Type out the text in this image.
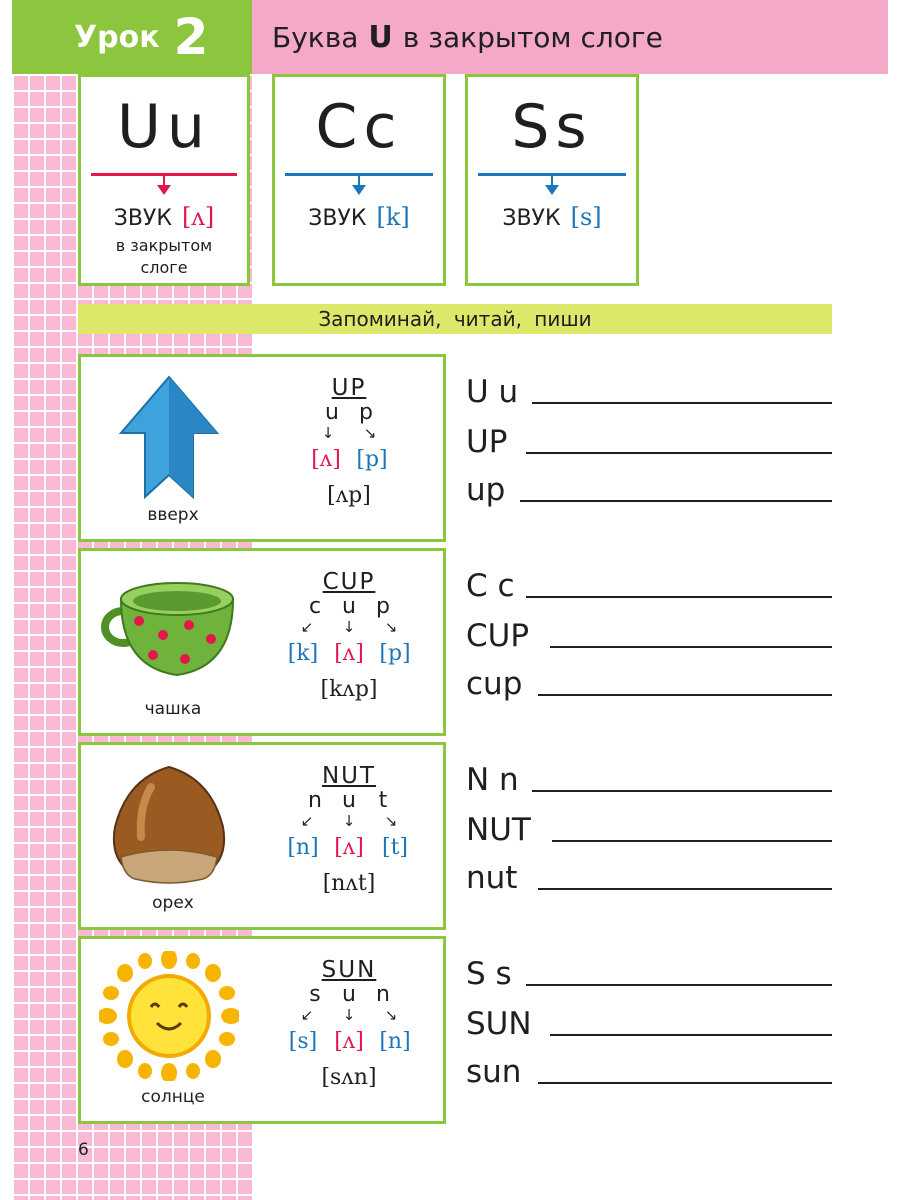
Урок 2 Буква U в закрытом слоге
Uu
ЗВУК [ʌ]
в закрытом
слоге
Cc
ЗВУК [k]
Ss
ЗВУК [s]
Запоминай, читай, пиши
вверх
UP
u p
↓ ↘
[ʌ] [p]
[ʌp]
чашка
CUP
c u p
↙ ↓ ↘
[k] [ʌ] [p]
[kʌp]
орех
NUT
n u t
↙ ↓ ↘
[n] [ʌ] [t]
[nʌt]
солнце
SUN
s u n
↙ ↓ ↘
[s] [ʌ] [n]
[sʌn]
U u
UP
up
C c
CUP
cup
N n
NUT
nut
S s
SUN
sun
6
